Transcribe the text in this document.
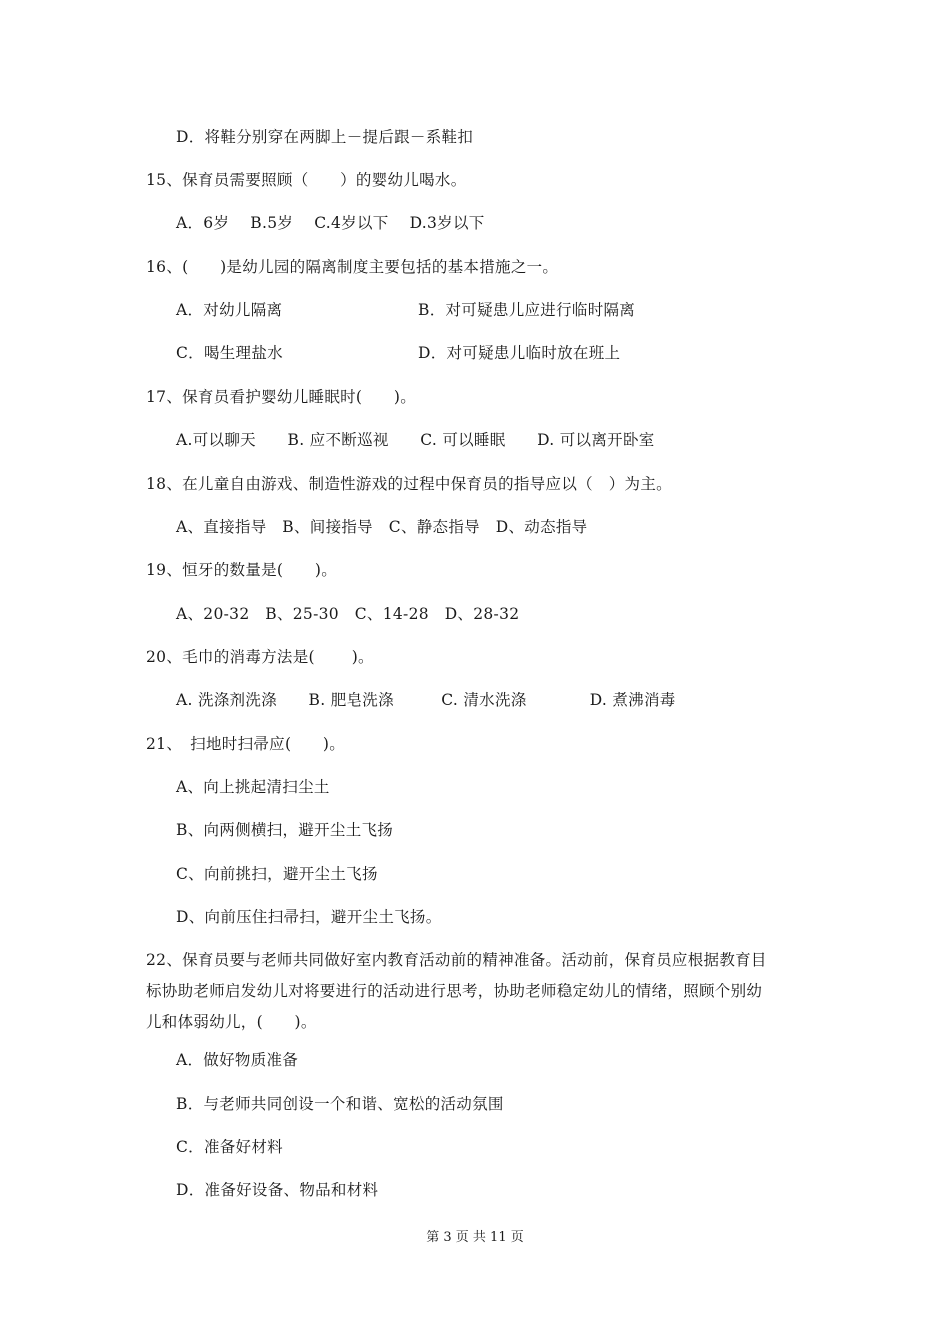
D．将鞋分别穿在两脚上－提后跟－系鞋扣

15、保育员需要照顾（　　）的婴幼儿喝水。

A．6岁　 B.5岁　 C.4岁以下　 D.3岁以下

16、(　　)是幼儿园的隔离制度主要包括的基本措施之一。

A．对幼儿隔离	B．对可疑患儿应进行临时隔离

C．喝生理盐水	D．对可疑患儿临时放在班上

17、保育员看护婴幼儿睡眠时(　　)。

A.可以聊天　　B. 应不断巡视　　C. 可以睡眠　　D. 可以离开卧室

18、在儿童自由游戏、制造性游戏的过程中保育员的指导应以（　）为主。

A、直接指导　B、间接指导　C、静态指导　D、动态指导

19、恒牙的数量是(　　)。

A、20-32　B、25-30　C、14-28　D、28-32

20、毛巾的消毒方法是(　　 )。

A. 洗涤剂洗涤　　B. 肥皂洗涤　　　C. 清水洗涤　　　　D. 煮沸消毒

21、　扫地时扫帚应(　　)。

A、向上挑起清扫尘土

B、向两侧横扫，避开尘土飞扬

C、向前挑扫，避开尘土飞扬

D、向前压住扫帚扫，避开尘土飞扬。

22、保育员要与老师共同做好室内教育活动前的精神准备。活动前，保育员应根据教育目

标协助老师启发幼儿对将要进行的活动进行思考，协助老师稳定幼儿的情绪，照顾个别幼

儿和体弱幼儿，(　　)。

A．做好物质准备

B．与老师共同创设一个和谐、宽松的活动氛围

C．准备好材料

D．准备好设备、物品和材料

第 3 页 共 11 页
